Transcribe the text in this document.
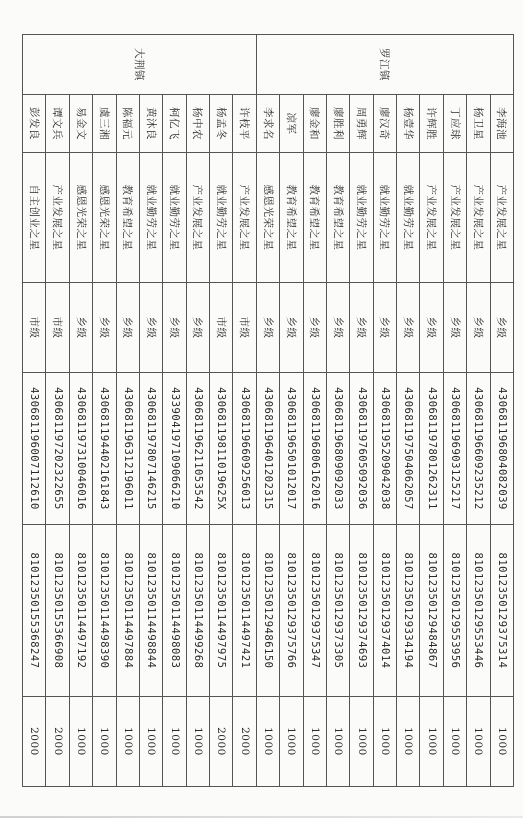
罗江镇	李海池	产业发展之星	乡级	430681196804082039	81012350129375314	1000
	杨卫星	产业发展之星	乡级	430681196609235212	81012350129553446	1000
	丁应球	产业发展之星	乡级	430681196903125217	81012350129553956	1000
	许辉胜	产业发展之星	乡级	430681197801262311	81012350129484867	1000
	杨壹华	就业勤劳之星	乡级	430681197504062057	81012350129334194	1000
	廖汉奇	就业勤劳之星	乡级	430681195209042038	81012350129374014	1000
	周勇辉	就业勤劳之星	乡级	430681197605092036	81012350129374693	1000
	廖胜利	教育希望之星	乡级	430681196809092033	81012350129373305	1000
	廖金和	教育希望之星	乡级	430681196806162016	81012350129375347	1000
	凉军	教育希望之星	乡级	430681196501012017	81012350129375766	1000
	李求名	感恩光荣之星	乡级	430681196401202315	81012350129486150	1000
大荆镇	许枝平	产业发展之星	市级	430681196609256013	81012350114497421	2000
	杨孟冬	就业勤劳之星	市级	43068119811019625X	81012350114497975	2000
	杨中农	产业发展之星	乡级	430681196211053542	81012350114499268	1000
	柯亿飞	就业勤劳之星	乡级	433904197109066210	81012350114498083	1000
	黄沐良	就业勤劳之星	乡级	430681197807146215	81012350114498844	1000
	陈福元	教育希望之星	乡级	430681196312196011	81012350114497884	1000
	虞三湘	感恩光荣之星	乡级	430681194402161843	81012350114498390	1000
	易金文	感恩光荣之星	乡级	430681197310046016	81012350114497192	1000
	谭文兵	产业发展之星	市级	430681197202322655	81012350155366908	2000
	彭发良	自主创业之星	市级	430681196007112610	81012350155368247	2000
